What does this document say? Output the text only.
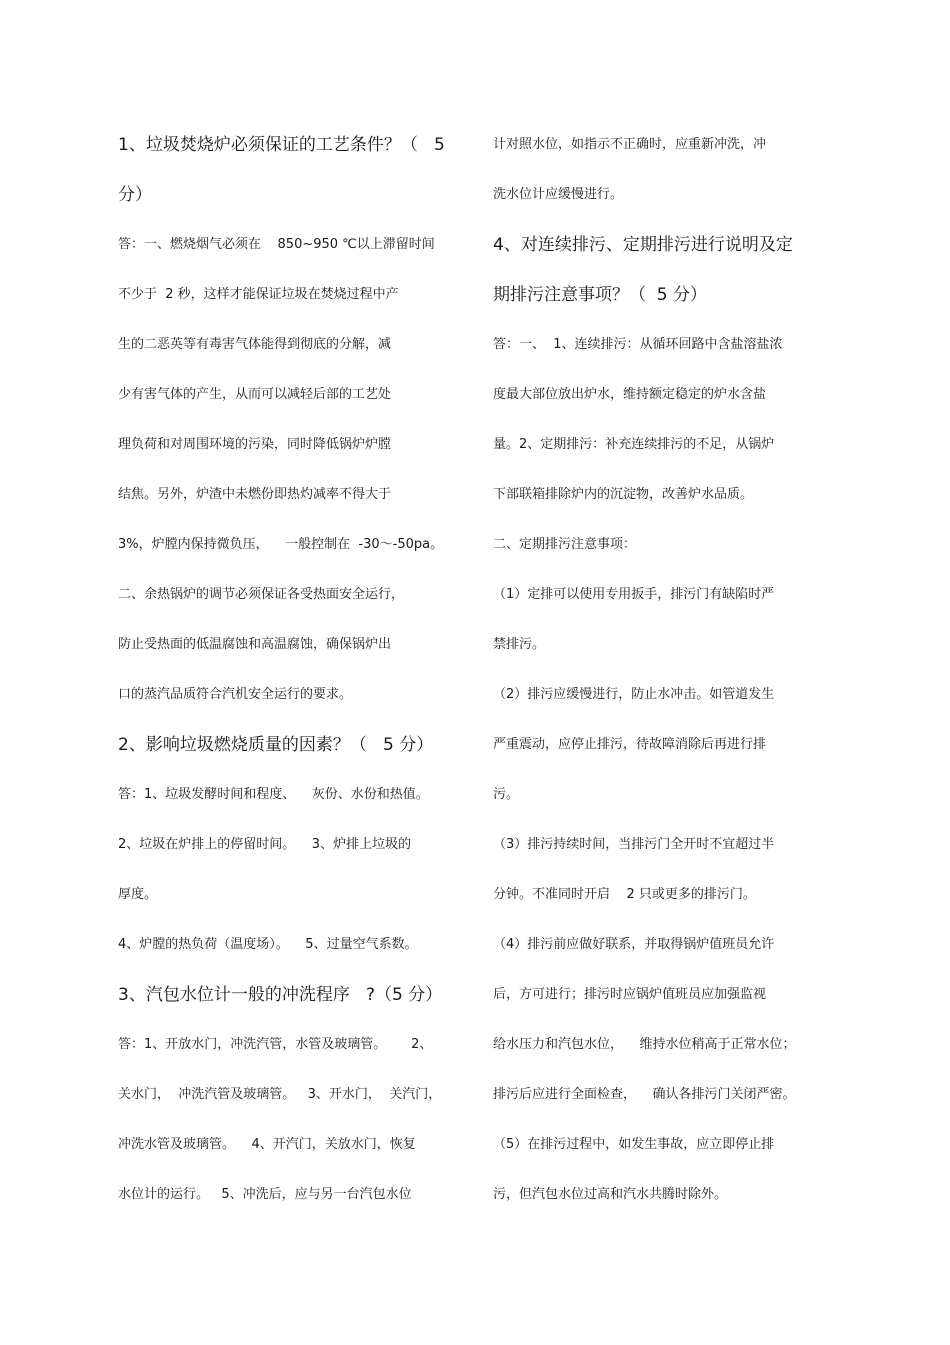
1、垃圾焚烧炉必须保证的工艺条件？（   5
分）
答：一、燃烧烟气必须在    850~950 ℃以上滞留时间
不少于  2 秒，这样才能保证垃圾在焚烧过程中产
生的二恶英等有毒害气体能得到彻底的分解，减
少有害气体的产生，从而可以减轻后部的工艺处
理负荷和对周围环境的污染，同时降低锅炉炉膛
结焦。另外，炉渣中未燃份即热灼减率不得大于
3%，炉膛内保持微负压，    一般控制在  -30～-50pa。
二、余热锅炉的调节必须保证各受热面安全运行，
防止受热面的低温腐蚀和高温腐蚀，确保锅炉出
口的蒸汽品质符合汽机安全运行的要求。
2、影响垃圾燃烧质量的因素？（   5 分）
答：1、垃圾发酵时间和程度、    灰份、水份和热值。
2、垃圾在炉排上的停留时间。    3、炉排上垃圾的
厚度。
4、炉膛的热负荷（温度场）。    5、过量空气系数。
3、汽包水位计一般的冲洗程序   ?（5 分）
答：1、开放水门，冲洗汽管，水管及玻璃管。      2、
关水门，  冲洗汽管及玻璃管。   3、开水门，  关汽门，
冲洗水管及玻璃管。    4、开汽门，关放水门，恢复
水位计的运行。   5、冲洗后，应与另一台汽包水位
计对照水位，如指示不正确时，应重新冲洗，冲
洗水位计应缓慢进行。
4、对连续排污、定期排污进行说明及定
期排污注意事项？（  5 分）
答：一、  1、连续排污：从循环回路中含盐溶盐浓
度最大部位放出炉水，维持额定稳定的炉水含盐
量。2、定期排污：补充连续排污的不足，从锅炉
下部联箱排除炉内的沉淀物，改善炉水品质。
二、定期排污注意事项：
（1）定排可以使用专用扳手，排污门有缺陷时严
禁排污。
（2）排污应缓慢进行，防止水冲击。如管道发生
严重震动，应停止排污，待故障消除后再进行排
污。
（3）排污持续时间，当排污门全开时不宜超过半
分钟。不准同时开启    2 只或更多的排污门。
（4）排污前应做好联系，并取得锅炉值班员允许
后，方可进行；排污时应锅炉值班员应加强监视
给水压力和汽包水位，    维持水位稍高于正常水位；
排污后应进行全面检查，    确认各排污门关闭严密。
（5）在排污过程中，如发生事故，应立即停止排
污，但汽包水位过高和汽水共腾时除外。
